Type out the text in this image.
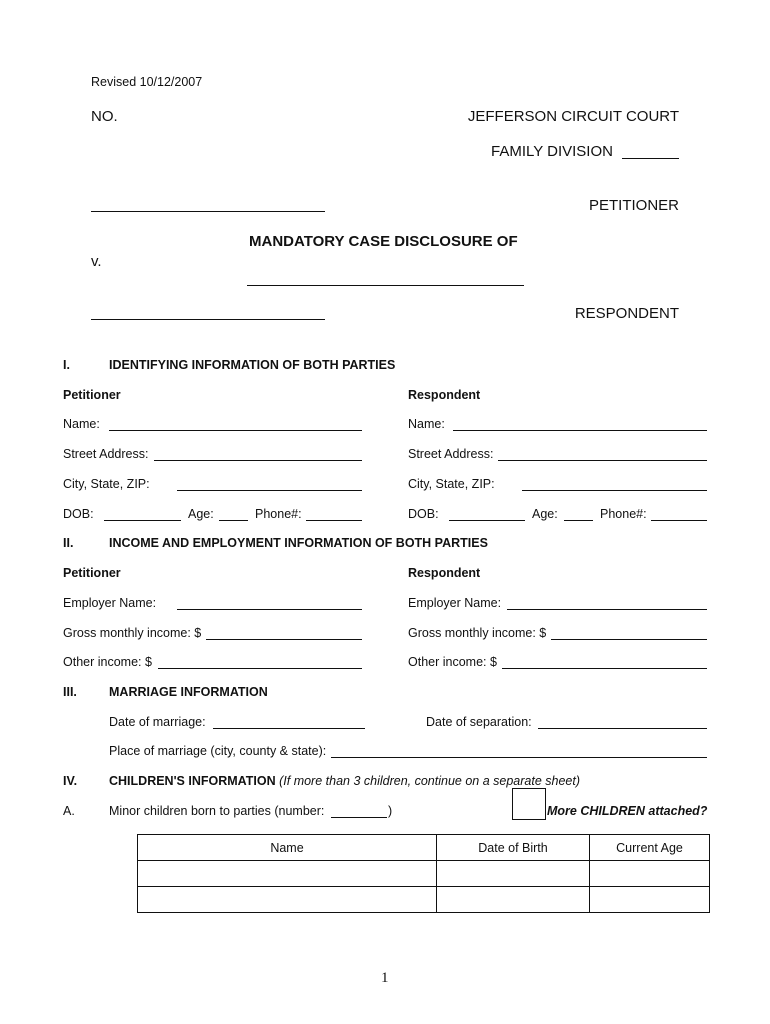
Revised 10/12/2007
NO.	JEFFERSON CIRCUIT COURT
FAMILY DIVISION
PETITIONER
MANDATORY CASE DISCLOSURE OF
v.
RESPONDENT
I.	IDENTIFYING INFORMATION OF BOTH PARTIES
Petitioner	Respondent
Name:	Name:
Street Address:	Street Address:
City, State, ZIP:	City, State, ZIP:
DOB:	Age:	Phone#:	DOB:	Age:	Phone#:
II.	INCOME AND EMPLOYMENT INFORMATION OF BOTH PARTIES
Petitioner	Respondent
Employer Name:	Employer Name:
Gross monthly income: $	Gross monthly income: $
Other income: $	Other income: $
III.	MARRIAGE INFORMATION
Date of marriage:	Date of separation:
Place of marriage (city, county & state):
IV.	CHILDREN'S INFORMATION (If more than 3 children, continue on a separate sheet)
A.	Minor children born to parties (number:	)	More CHILDREN attached?
Name	Date of Birth	Current Age

1
